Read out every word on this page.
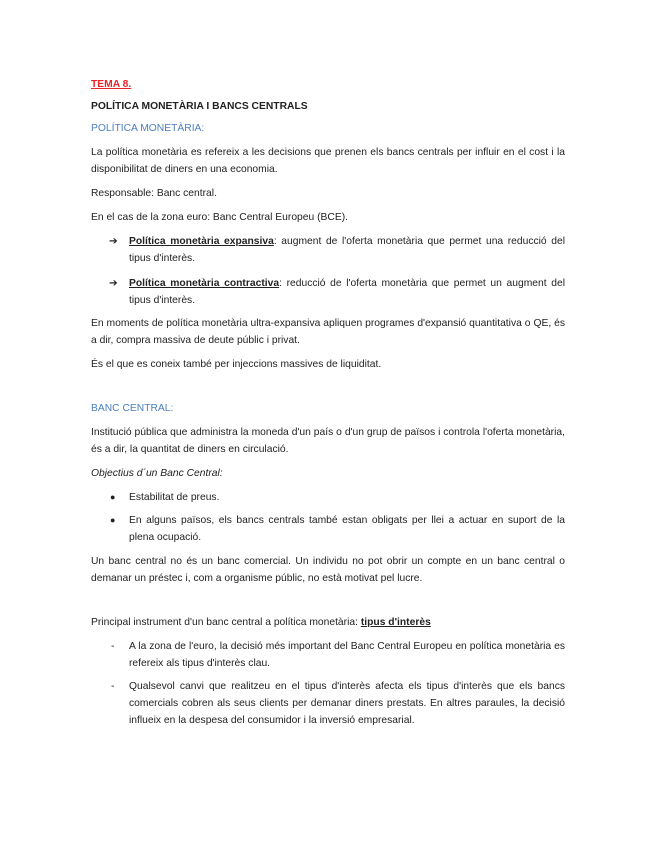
TEMA 8.

POLÍTICA MONETÀRIA I BANCS CENTRALS

POLÍTICA MONETÀRIA:

La política monetària es refereix a les decisions que prenen els bancs centrals per influir en el cost i la disponibilitat de diners en una economia.

Responsable: Banc central.

En el cas de la zona euro: Banc Central Europeu (BCE).

➔ Política monetària expansiva: augment de l'oferta monetària que permet una reducció del tipus d'interès.
➔ Política monetària contractiva: reducció de l'oferta monetària que permet un augment del tipus d'interès.

En moments de política monetària ultra-expansiva apliquen programes d'expansió quantitativa o QE, és a dir, compra massiva de deute públic i privat.

És el que es coneix també per injeccions massives de liquiditat.

BANC CENTRAL:

Institució pública que administra la moneda d'un país o d'un grup de països i controla l'oferta monetària, és a dir, la quantitat de diners en circulació.

Objectius d´un Banc Central:

● Estabilitat de preus.
● En alguns països, els bancs centrals també estan obligats per llei a actuar en suport de la plena ocupació.

Un banc central no és un banc comercial. Un individu no pot obrir un compte en un banc central o demanar un préstec i, com a organisme públic, no està motivat pel lucre.

Principal instrument d'un banc central a política monetària: tipus d'interès

- A la zona de l'euro, la decisió més important del Banc Central Europeu en política monetària es refereix als tipus d'interès clau.
- Qualsevol canvi que realitzeu en el tipus d'interès afecta els tipus d'interès que els bancs comercials cobren als seus clients per demanar diners prestats. En altres paraules, la decisió influeix en la despesa del consumidor i la inversió empresarial.
